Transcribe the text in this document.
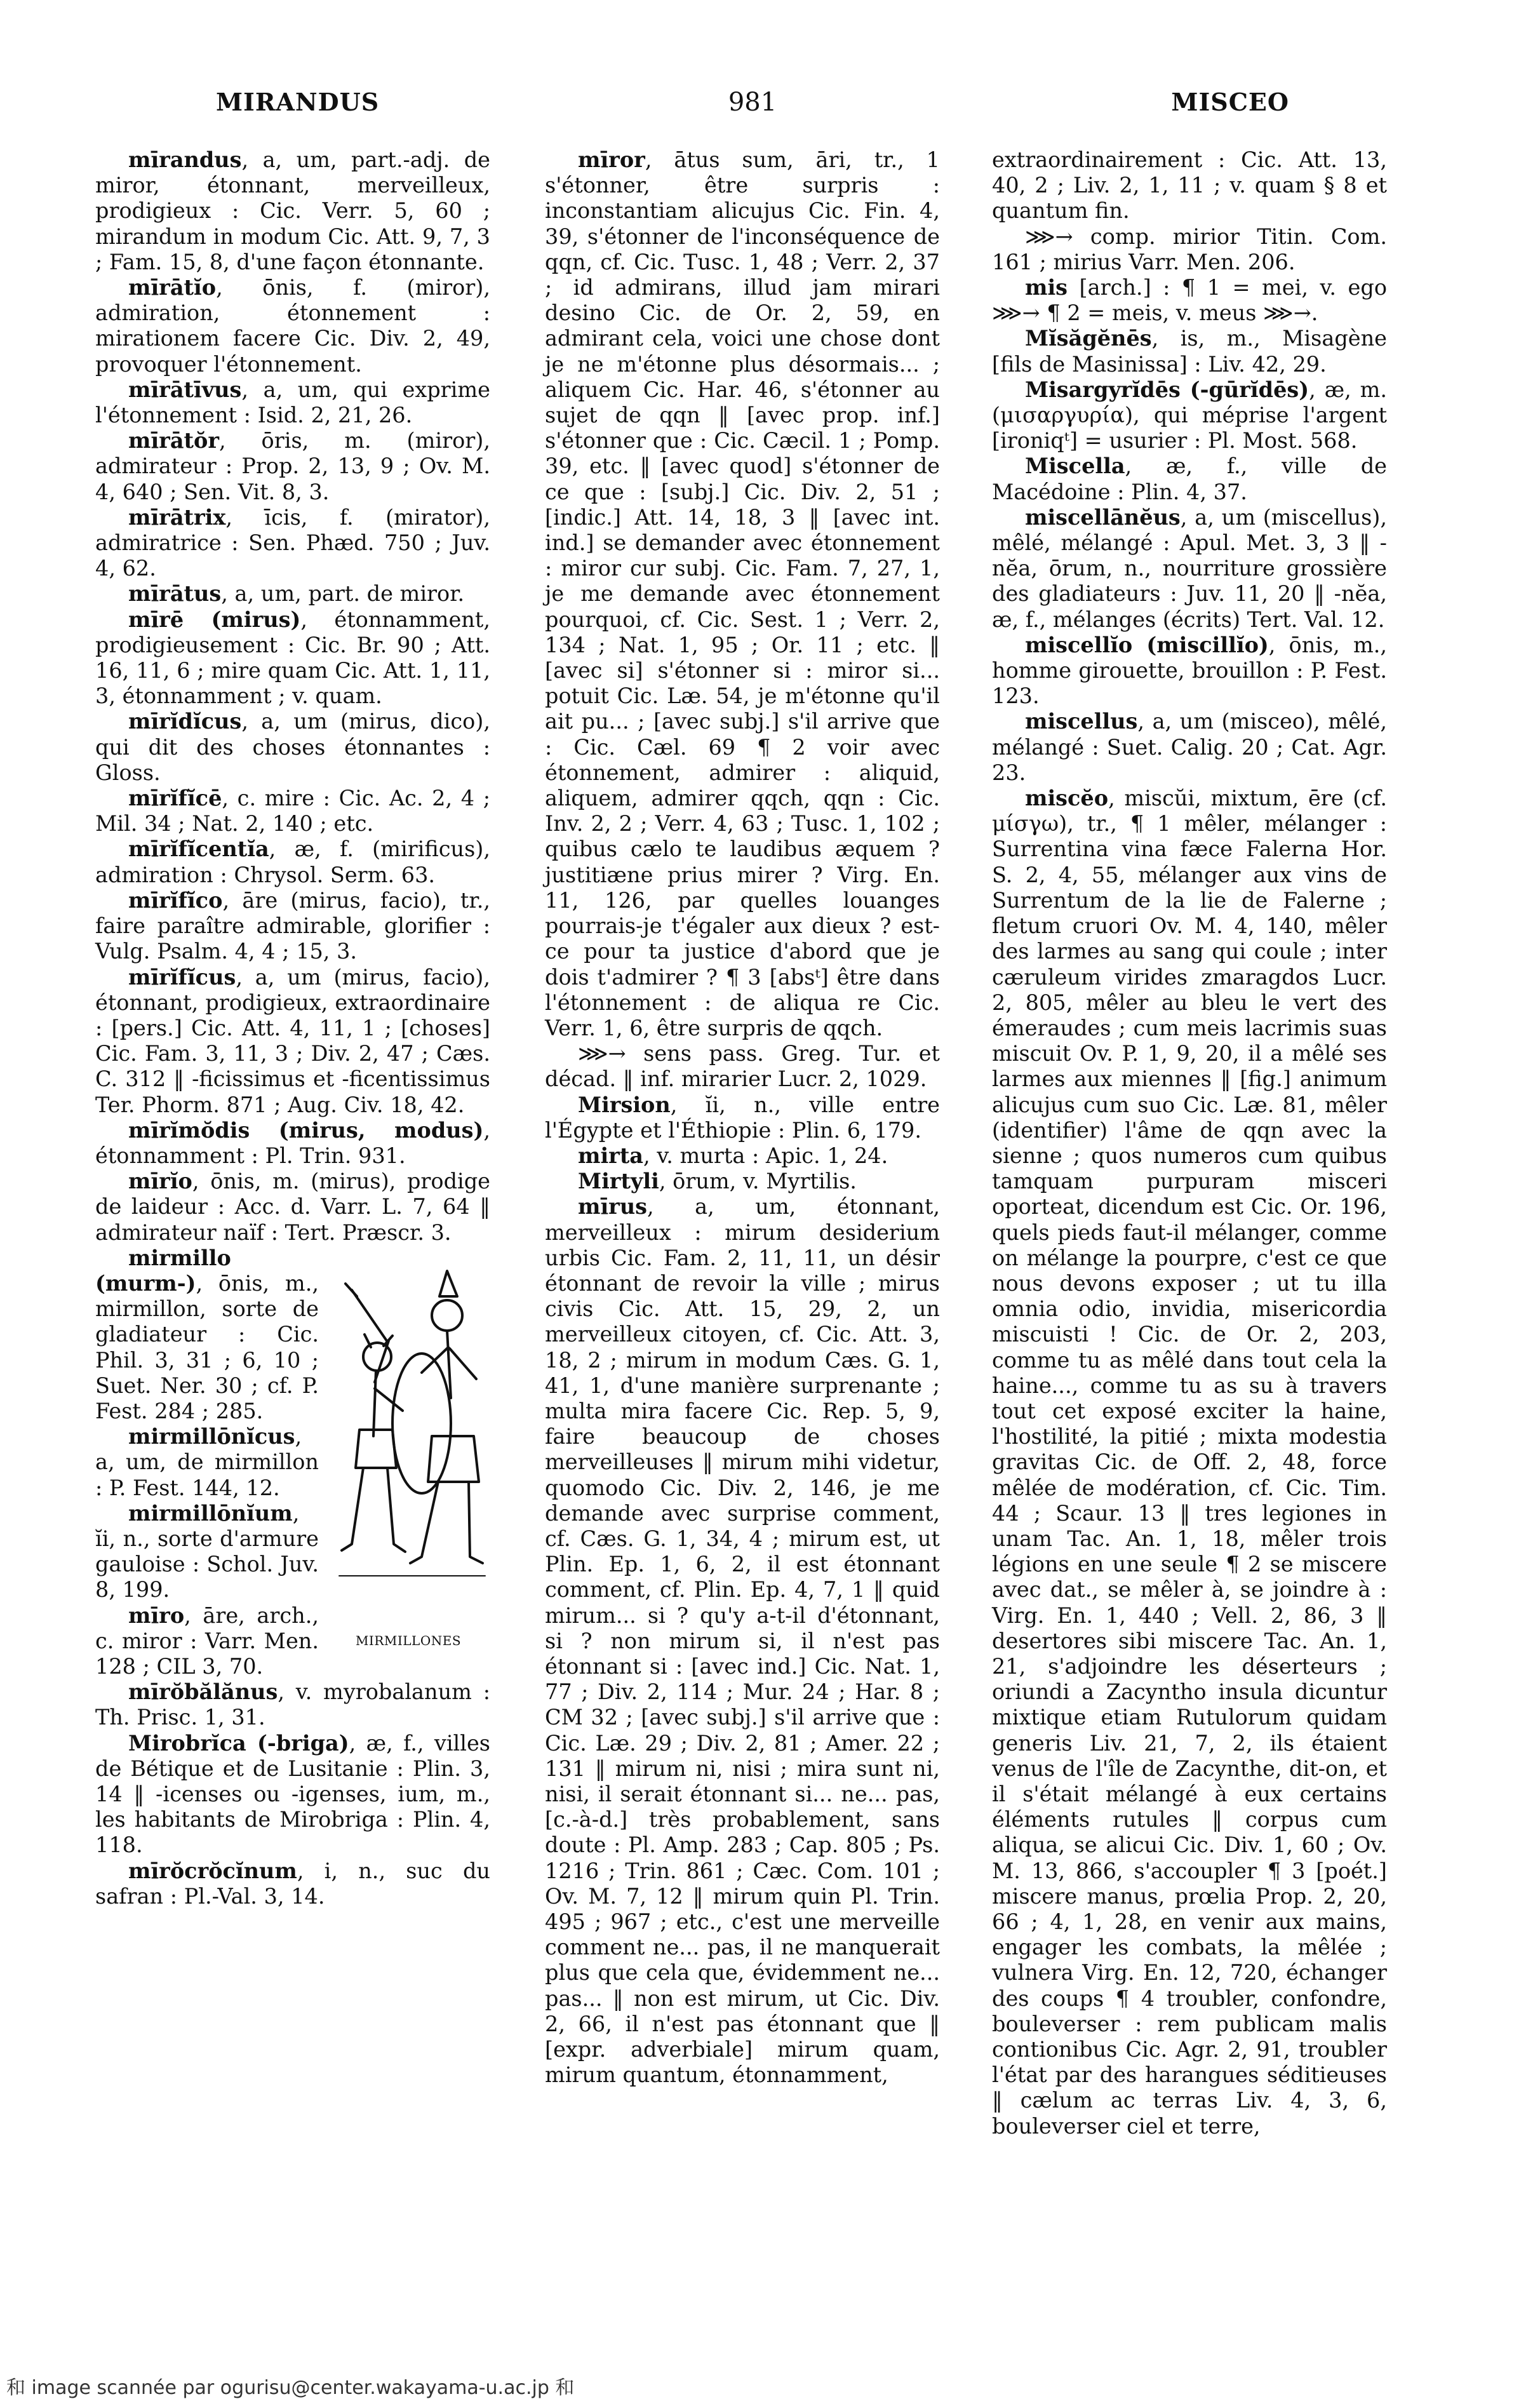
MIRANDUS	981	MISCEO

mīrandus, a, um, part.-adj. de miror, étonnant, merveilleux, prodigieux : Cic. Verr. 5, 60 ; mirandum in modum Cic. Att. 9, 7, 3 ; Fam. 15, 8, d'une façon étonnante.

mīrātĭo, ōnis, f. (miror), admiration, étonnement : mirationem facere Cic. Div. 2, 49, provoquer l'étonnement.

mīrātīvus, a, um, qui exprime l'étonnement : Isid. 2, 21, 26.

mīrātŏr, ōris, m. (miror), admirateur : Prop. 2, 13, 9 ; Ov. M. 4, 640 ; Sen. Vit. 8, 3.

mīrātrix, īcis, f. (mirator), admiratrice : Sen. Phæd. 750 ; Juv. 4, 62.

mīrātus, a, um, part. de miror.

mīrē (mirus), étonnamment, prodigieusement : Cic. Br. 90 ; Att. 16, 11, 6 ; mire quam Cic. Att. 1, 11, 3, étonnamment ; v. quam.

mīrĭdĭcus, a, um (mirus, dico), qui dit des choses étonnantes : Gloss.

mīrĭfĭcē, c. mire : Cic. Ac. 2, 4 ; Mil. 34 ; Nat. 2, 140 ; etc.

mīrĭfĭcentĭa, æ, f. (mirificus), admiration : Chrysol. Serm. 63.

mīrĭfĭco, āre (mirus, facio), tr., faire paraître admirable, glorifier : Vulg. Psalm. 4, 4 ; 15, 3.

mīrĭfĭcus, a, um (mirus, facio), étonnant, prodigieux, extraordinaire : [pers.] Cic. Att. 4, 11, 1 ; [choses] Cic. Fam. 3, 11, 3 ; Div. 2, 47 ; Cæs. C. 312 ‖ -ficissimus et -ficentissimus Ter. Phorm. 871 ; Aug. Civ. 18, 42.

mīrĭmŏdis (mirus, modus), étonnamment : Pl. Trin. 931.

mīrĭo, ōnis, m. (mirus), prodige de laideur : Acc. d. Varr. L. 7, 64 ‖ admirateur naïf : Tert. Præscr. 3.

MIRMILLONES

mirmillo (murm-), ōnis, m., mirmillon, sorte de gladiateur : Cic. Phil. 3, 31 ; 6, 10 ; Suet. Ner. 30 ; cf. P. Fest. 284 ; 285.

mirmillōnĭcus, a, um, de mirmillon : P. Fest. 144, 12.

mirmillōnĭum, ĭi, n., sorte d'armure gauloise : Schol. Juv. 8, 199.

mīro, āre, arch., c. miror : Varr. Men. 128 ; CIL 3, 70.

mīrŏbălănus, v. myrobalanum : Th. Prisc. 1, 31.

Mirobrĭca (-briga), æ, f., villes de Bétique et de Lusitanie : Plin. 3, 14 ‖ -icenses ou -igenses, ium, m., les habitants de Mirobriga : Plin. 4, 118.

mīrŏcrŏcĭnum, i, n., suc du safran : Pl.-Val. 3, 14.

mīror, ātus sum, āri, tr., 1 s'étonner, être surpris : inconstantiam alicujus Cic. Fin. 4, 39, s'étonner de l'inconséquence de qqn, cf. Cic. Tusc. 1, 48 ; Verr. 2, 37 ; id admirans, illud jam mirari desino Cic. de Or. 2, 59, en admirant cela, voici une chose dont je ne m'étonne plus désormais... ; aliquem Cic. Har. 46, s'étonner au sujet de qqn ‖ [avec prop. inf.] s'étonner que : Cic. Cæcil. 1 ; Pomp. 39, etc. ‖ [avec quod] s'étonner de ce que : [subj.] Cic. Div. 2, 51 ; [indic.] Att. 14, 18, 3 ‖ [avec int. ind.] se demander avec étonnement : miror cur subj. Cic. Fam. 7, 27, 1, je me demande avec étonnement pourquoi, cf. Cic. Sest. 1 ; Verr. 2, 134 ; Nat. 1, 95 ; Or. 11 ; etc. ‖ [avec si] s'étonner si : miror si... potuit Cic. Læ. 54, je m'étonne qu'il ait pu... ; [avec subj.] s'il arrive que : Cic. Cæl. 69 ¶ 2 voir avec étonnement, admirer : aliquid, aliquem, admirer qqch, qqn : Cic. Inv. 2, 2 ; Verr. 4, 63 ; Tusc. 1, 102 ; quibus cælo te laudibus æquem ? justitiæne prius mirer ? Virg. En. 11, 126, par quelles louanges pourrais-je t'égaler aux dieux ? est-ce pour ta justice d'abord que je dois t'admirer ? ¶ 3 [absᵗ] être dans l'étonnement : de aliqua re Cic. Verr. 1, 6, être surpris de qqch.

⋙→ sens pass. Greg. Tur. et décad. ‖ inf. mirarier Lucr. 2, 1029.

Mirsion, ĭi, n., ville entre l'Égypte et l'Éthiopie : Plin. 6, 179.

mirta, v. murta : Apic. 1, 24.

Mirtyli, ōrum, v. Myrtilis.

mīrus, a, um, étonnant, merveilleux : mirum desiderium urbis Cic. Fam. 2, 11, 11, un désir étonnant de revoir la ville ; mirus civis Cic. Att. 15, 29, 2, un merveilleux citoyen, cf. Cic. Att. 3, 18, 2 ; mirum in modum Cæs. G. 1, 41, 1, d'une manière surprenante ; multa mira facere Cic. Rep. 5, 9, faire beaucoup de choses merveilleuses ‖ mirum mihi videtur, quomodo Cic. Div. 2, 146, je me demande avec surprise comment, cf. Cæs. G. 1, 34, 4 ; mirum est, ut Plin. Ep. 1, 6, 2, il est étonnant comment, cf. Plin. Ep. 4, 7, 1 ‖ quid mirum... si ? qu'y a-t-il d'étonnant, si ? non mirum si, il n'est pas étonnant si : [avec ind.] Cic. Nat. 1, 77 ; Div. 2, 114 ; Mur. 24 ; Har. 8 ; CM 32 ; [avec subj.] s'il arrive que : Cic. Læ. 29 ; Div. 2, 81 ; Amer. 22 ; 131 ‖ mirum ni, nisi ; mira sunt ni, nisi, il serait étonnant si... ne... pas, [c.-à-d.] très probablement, sans doute : Pl. Amp. 283 ; Cap. 805 ; Ps. 1216 ; Trin. 861 ; Cæc. Com. 101 ; Ov. M. 7, 12 ‖ mirum quin Pl. Trin. 495 ; 967 ; etc., c'est une merveille comment ne... pas, il ne manquerait plus que cela que, évidemment ne... pas... ‖ non est mirum, ut Cic. Div. 2, 66, il n'est pas étonnant que ‖ [expr. adverbiale] mirum quam, mirum quantum, étonnamment,

extraordinairement : Cic. Att. 13, 40, 2 ; Liv. 2, 1, 11 ; v. quam § 8 et quantum fin.

⋙→ comp. mirior Titin. Com. 161 ; mirius Varr. Men. 206.

mis [arch.] : ¶ 1 = mei, v. ego ⋙→ ¶ 2 = meis, v. meus ⋙→.

Mĭsăgĕnēs, is, m., Misagène [fils de Masinissa] : Liv. 42, 29.

Misargyrĭdēs (-gūrĭdēs), æ, m. (μισαργυρία), qui méprise l'argent [ironiqᵗ] = usurier : Pl. Most. 568.

Miscella, æ, f., ville de Macédoine : Plin. 4, 37.

miscellānĕus, a, um (miscellus), mêlé, mélangé : Apul. Met. 3, 3 ‖ -nĕa, ōrum, n., nourriture grossière des gladiateurs : Juv. 11, 20 ‖ -nĕa, æ, f., mélanges (écrits) Tert. Val. 12.

miscellĭo (miscillĭo), ōnis, m., homme girouette, brouillon : P. Fest. 123.

miscellus, a, um (misceo), mêlé, mélangé : Suet. Calig. 20 ; Cat. Agr. 23.

miscĕo, miscŭi, mixtum, ēre (cf. μίσγω), tr., ¶ 1 mêler, mélanger : Surrentina vina fæce Falerna Hor. S. 2, 4, 55, mélanger aux vins de Surrentum de la lie de Falerne ; fletum cruori Ov. M. 4, 140, mêler des larmes au sang qui coule ; inter cæruleum virides zmaragdos Lucr. 2, 805, mêler au bleu le vert des émeraudes ; cum meis lacrimis suas miscuit Ov. P. 1, 9, 20, il a mêlé ses larmes aux miennes ‖ [fig.] animum alicujus cum suo Cic. Læ. 81, mêler (identifier) l'âme de qqn avec la sienne ; quos numeros cum quibus tamquam purpuram misceri oporteat, dicendum est Cic. Or. 196, quels pieds faut-il mélanger, comme on mélange la pourpre, c'est ce que nous devons exposer ; ut tu illa omnia odio, invidia, misericordia miscuisti ! Cic. de Or. 2, 203, comme tu as mêlé dans tout cela la haine..., comme tu as su à travers tout cet exposé exciter la haine, l'hostilité, la pitié ; mixta modestia gravitas Cic. de Off. 2, 48, force mêlée de modération, cf. Cic. Tim. 44 ; Scaur. 13 ‖ tres legiones in unam Tac. An. 1, 18, mêler trois légions en une seule ¶ 2 se miscere avec dat., se mêler à, se joindre à : Virg. En. 1, 440 ; Vell. 2, 86, 3 ‖ desertores sibi miscere Tac. An. 1, 21, s'adjoindre les déserteurs ; oriundi a Zacyntho insula dicuntur mixtique etiam Rutulorum quidam generis Liv. 21, 7, 2, ils étaient venus de l'île de Zacynthe, dit-on, et il s'était mélangé à eux certains éléments rutules ‖ corpus cum aliqua, se alicui Cic. Div. 1, 60 ; Ov. M. 13, 866, s'accoupler ¶ 3 [poét.] miscere manus, prœlia Prop. 2, 20, 66 ; 4, 1, 28, en venir aux mains, engager les combats, la mêlée ; vulnera Virg. En. 12, 720, échanger des coups ¶ 4 troubler, confondre, bouleverser : rem publicam malis contionibus Cic. Agr. 2, 91, troubler l'état par des harangues séditieuses ‖ cælum ac terras Liv. 4, 3, 6, bouleverser ciel et terre,

和 image scannée par ogurisu@center.wakayama-u.ac.jp 和
